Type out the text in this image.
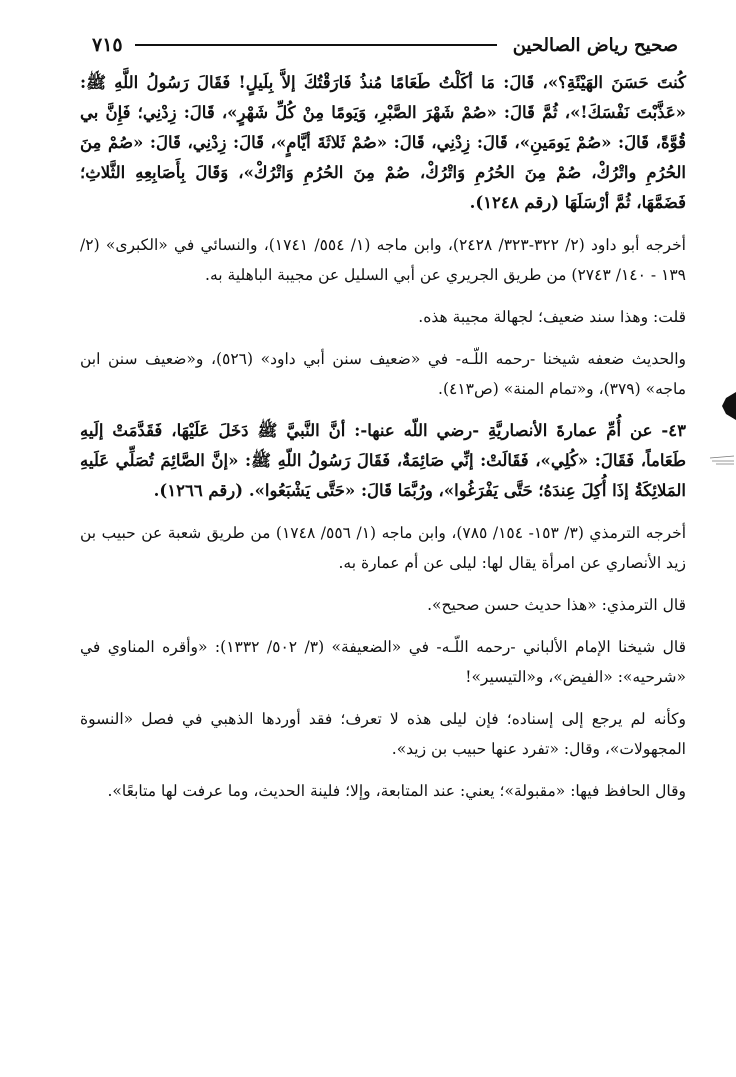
صحيح رياض الصالحين
٧١٥

كُنتَ حَسَنَ الهَيْئَةِ؟»، قَالَ: مَا أكَلْتُ طَعَامًا مُنذُ فَارَقْتُكَ إلاَّ بِلَيلٍ! فَقَالَ رَسُولُ اللَّهِ ﷺ: «عَذَّبْتَ نَفْسَكَ!»، ثُمَّ قَالَ: «صُمْ شَهْرَ الصَّبْرِ، وَيَومًا مِنْ كُلِّ شَهْرٍ»، قَالَ: زِدْنِي؛ فَإِنَّ بي قُوَّةً، قَالَ: «صُمْ يَومَينِ»، قَالَ: زِدْنِي، قَالَ: «صُمْ ثَلاثَةَ أيَّامٍ»، قَالَ: زِدْنِي، قَالَ: «صُمْ مِنَ الحُرُمِ واتْرُكْ، صُمْ مِنَ الحُرُمِ وَاتْرُكْ، صُمْ مِنَ الحُرُمِ وَاتْرُكْ»، وَقَالَ بِأَصَابِعِهِ الثَّلاثِ؛ فَضَمَّهَا، ثُمَّ أرْسَلَهَا (رقم ١٢٤٨).

أخرجه أبو داود (٢/ ٣٢٢-٣٢٣/ ٢٤٢٨)، وابن ماجه (١/ ٥٥٤/ ١٧٤١)، والنسائي في «الكبرى» (٢/ ١٣٩ - ١٤٠/ ٢٧٤٣) من طريق الجريري عن أبي السليل عن مجيبة الباهلية به.

قلت: وهذا سند ضعيف؛ لجهالة مجيبة هذه.

والحديث ضعفه شيخنا -رحمه اللّـه- في «ضعيف سنن أبي داود» (٥٢٦)، و«ضعيف سنن ابن ماجه» (٣٧٩)، و«تمام المنة» (ص٤١٣).

٤٣- عن أُمِّ عمارةَ الأنصاريَّةِ -رضي اللّه عنها-: أنَّ النَّبيَّ ﷺ دَخَلَ عَلَيْهَا، فَقَدَّمَتْ إلَيهِ طَعَاماً، فَقَالَ: «كُلِي»، فَقَالَتْ: إنِّي صَائِمَةٌ، فَقَالَ رَسُولُ اللّهِ ﷺ: «إنَّ الصَّائِمَ تُصَلِّي عَلَيهِ المَلائِكَةُ إذَا أُكِلَ عِندَهُ؛ حَتَّى يَفْرَغُوا»، ورُبَّمَا قَالَ: «حَتَّى يَشْبَعُوا». (رقم ١٢٦٦).

أخرجه الترمذي (٣/ ١٥٣- ١٥٤/ ٧٨٥)، وابن ماجه (١/ ٥٥٦/ ١٧٤٨) من طريق شعبة عن حبيب بن زيد الأنصاري عن امرأة يقال لها: ليلى عن أم عمارة به.

قال الترمذي: «هذا حديث حسن صحيح».

قال شيخنا الإمام الألباني -رحمه اللّـه- في «الضعيفة» (٣/ ٥٠٢/ ١٣٣٢): «وأقره المناوي في «شرحيه»: «الفيض»، و«التيسير»!

وكأنه لم يرجع إلى إسناده؛ فإن ليلى هذه لا تعرف؛ فقد أوردها الذهبي في فصل «النسوة المجهولات»، وقال: «تفرد عنها حبيب بن زيد».

وقال الحافظ فيها: «مقبولة»؛ يعني: عند المتابعة، وإلا؛ فلينة الحديث، وما عرفت لها متابعًا».
